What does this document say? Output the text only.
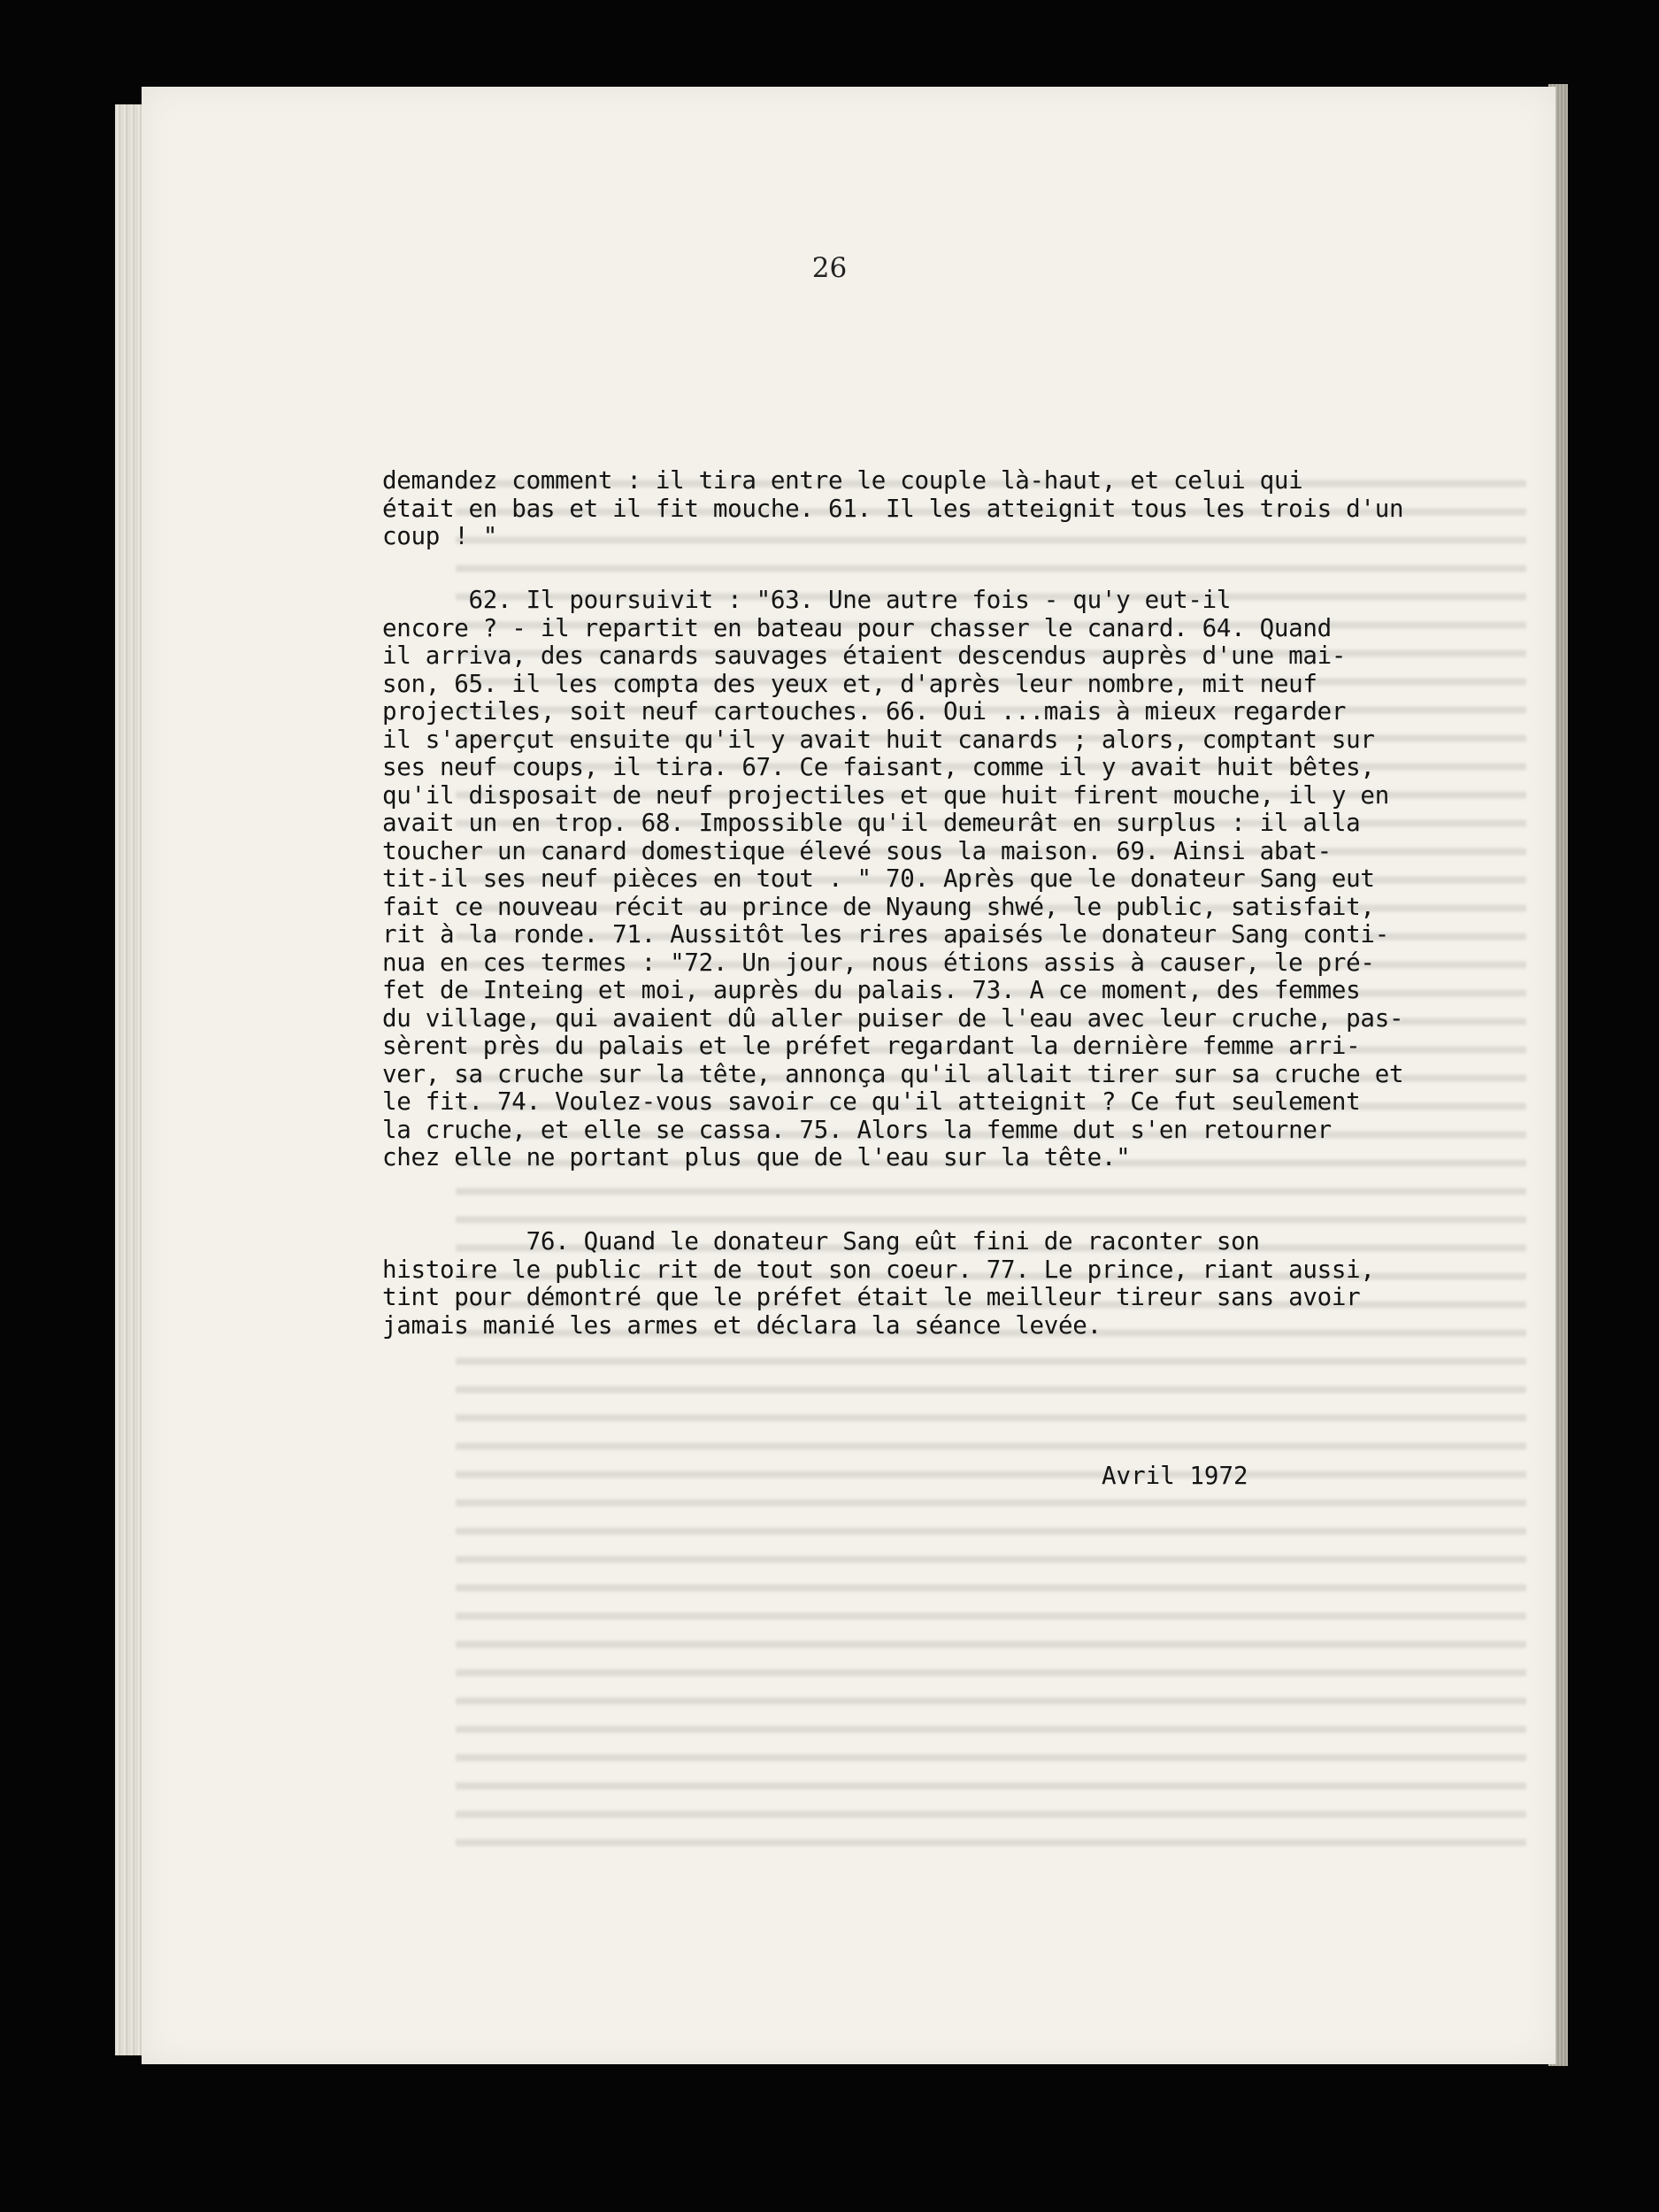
26
demandez comment : il tira entre le couple là-haut, et celui qui
était en bas et il fit mouche. 61. Il les atteignit tous les trois d'un
coup ! "
62. Il poursuivit : "63. Une autre fois - qu'y eut-il
encore ? - il repartit en bateau pour chasser le canard. 64. Quand
il arriva, des canards sauvages étaient descendus auprès d'une mai-
son, 65. il les compta des yeux et, d'après leur nombre, mit neuf
projectiles, soit neuf cartouches. 66. Oui ...mais à mieux regarder
il s'aperçut ensuite qu'il y avait huit canards ; alors, comptant sur
ses neuf coups, il tira. 67. Ce faisant, comme il y avait huit bêtes,
qu'il disposait de neuf projectiles et que huit firent mouche, il y en
avait un en trop. 68. Impossible qu'il demeurât en surplus : il alla
toucher un canard domestique élevé sous la maison. 69. Ainsi abat-
tit-il ses neuf pièces en tout . " 70. Après que le donateur Sang eut
fait ce nouveau récit au prince de Nyaung shwé, le public, satisfait,
rit à la ronde. 71. Aussitôt les rires apaisés le donateur Sang conti-
nua en ces termes : "72. Un jour, nous étions assis à causer, le pré-
fet de Inteing et moi, auprès du palais. 73. A ce moment, des femmes
du village, qui avaient dû aller puiser de l'eau avec leur cruche, pas-
sèrent près du palais et le préfet regardant la dernière femme arri-
ver, sa cruche sur la tête, annonça qu'il allait tirer sur sa cruche et
le fit. 74. Voulez-vous savoir ce qu'il atteignit ? Ce fut seulement
la cruche, et elle se cassa. 75. Alors la femme dut s'en retourner
chez elle ne portant plus que de l'eau sur la tête."
76. Quand le donateur Sang eût fini de raconter son
histoire le public rit de tout son coeur. 77. Le prince, riant aussi,
tint pour démontré que le préfet était le meilleur tireur sans avoir
jamais manié les armes et déclara la séance levée.
Avril 1972
